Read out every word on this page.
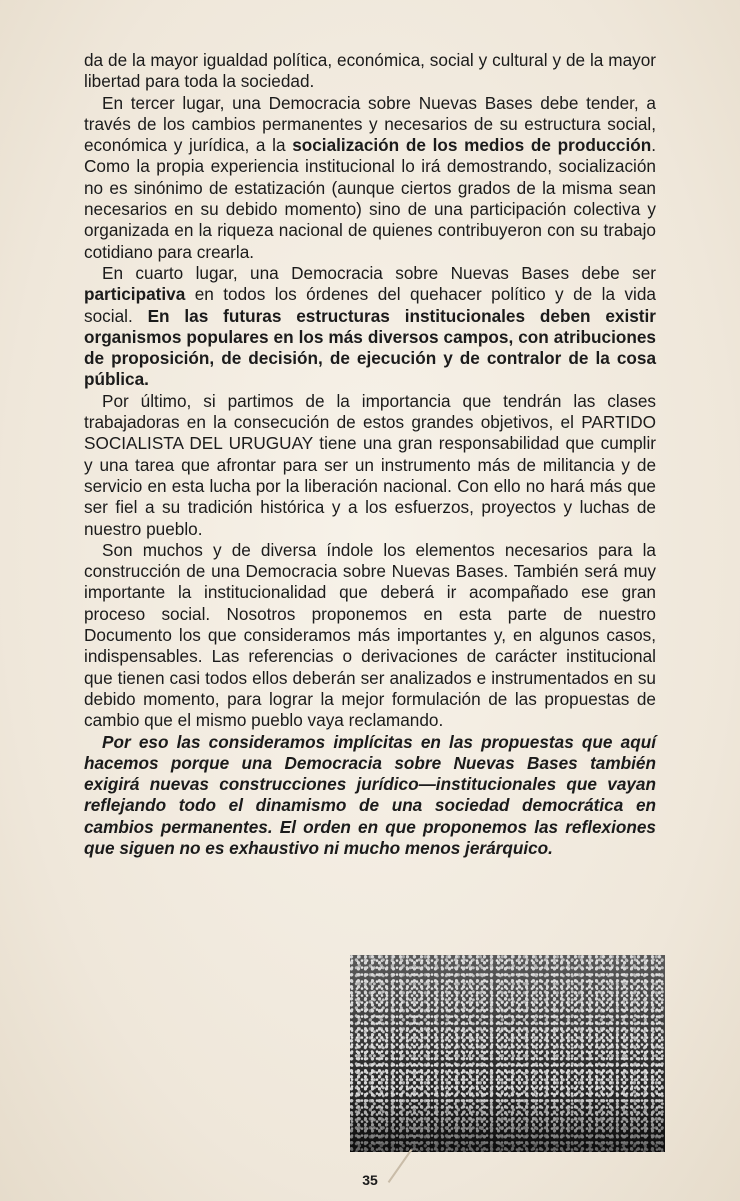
da de la mayor igualdad política, económica, social y cultural y de la mayor libertad para toda la sociedad.

En tercer lugar, una Democracia sobre Nuevas Bases debe tender, a través de los cambios permanentes y necesarios de su estructura social, económica y jurídica, a la socialización de los medios de producción. Como la propia experiencia institucional lo irá demostrando, socialización no es sinónimo de estatización (aunque ciertos grados de la misma sean necesarios en su debido momento) sino de una participación colectiva y organizada en la riqueza nacional de quienes contribuyeron con su trabajo cotidiano para crearla.

En cuarto lugar, una Democracia sobre Nuevas Bases debe ser participativa en todos los órdenes del quehacer político y de la vida social. En las futuras estructuras institucionales deben existir organismos populares en los más diversos campos, con atribuciones de proposición, de decisión, de ejecución y de contralor de la cosa pública.

Por último, si partimos de la importancia que tendrán las clases trabajadoras en la consecución de estos grandes objetivos, el PARTIDO SOCIALISTA DEL URUGUAY tiene una gran responsabilidad que cumplir y una tarea que afrontar para ser un instrumento más de militancia y de servicio en esta lucha por la liberación nacional. Con ello no hará más que ser fiel a su tradición histórica y a los esfuerzos, proyectos y luchas de nuestro pueblo.

Son muchos y de diversa índole los elementos necesarios para la construcción de una Democracia sobre Nuevas Bases. También será muy importante la institucionalidad que deberá ir acompañado ese gran proceso social. Nosotros proponemos en esta parte de nuestro Documento los que consideramos más importantes y, en algunos casos, indispensables. Las referencias o derivaciones de carácter institucional que tienen casi todos ellos deberán ser analizados e instrumentados en su debido momento, para lograr la mejor formulación de las propuestas de cambio que el mismo pueblo vaya reclamando.

Por eso las consideramos implícitas en las propuestas que aquí hacemos porque una Democracia sobre Nuevas Bases también exigirá nuevas construcciones jurídico—institucionales que vayan reflejando todo el dinamismo de una sociedad democrática en cambios permanentes. El orden en que proponemos las reflexiones que siguen no es exhaustivo ni mucho menos jerárquico.

35
